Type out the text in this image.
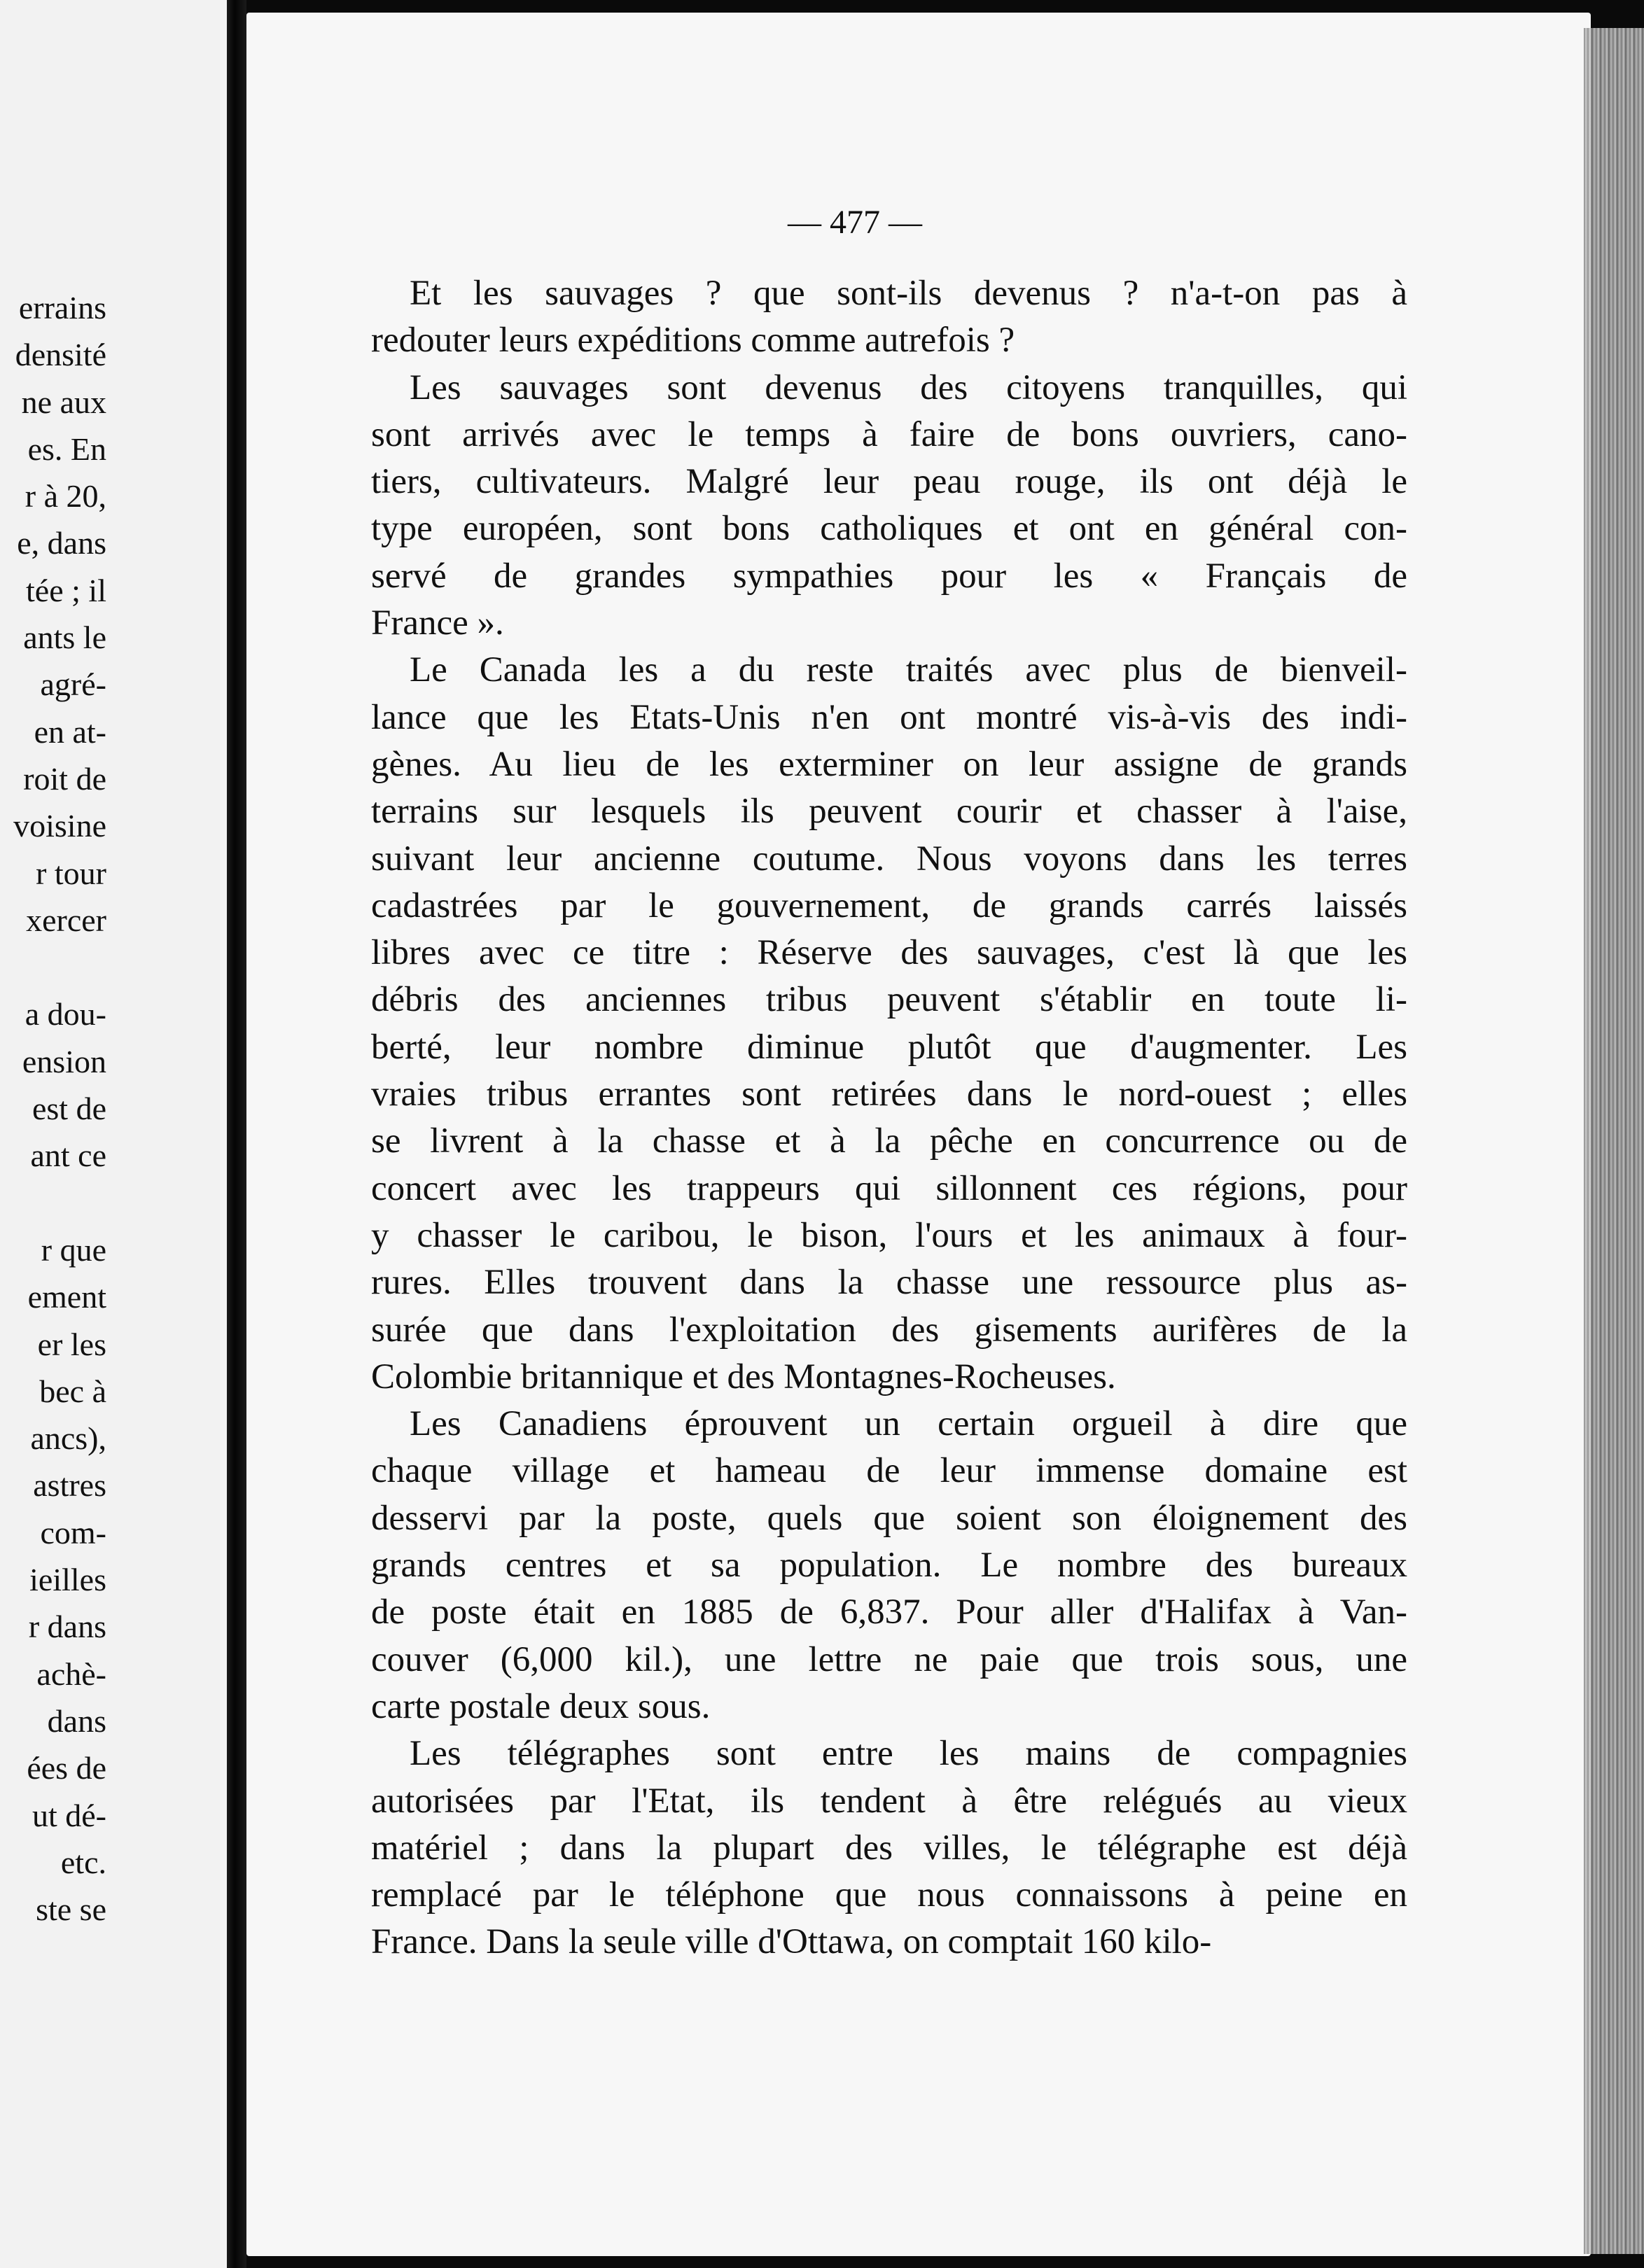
errains
densité
ne aux
es. En
r à 20,
e, dans
tée ; il
ants le
agré-
en at-
roit de
voisine
r tour
xercer
a dou-
ension
est de
ant ce
r que
ement
er les
bec à
ancs),
astres
com-
ieilles
r dans
achè-
dans
ées de
ut dé-
etc.
ste se
— 477 —
Et les sauvages ? que sont-ils devenus ? n'a-t-on pas à
redouter leurs expéditions comme autrefois ?
Les sauvages sont devenus des citoyens tranquilles, qui
sont arrivés avec le temps à faire de bons ouvriers, cano-
tiers, cultivateurs. Malgré leur peau rouge, ils ont déjà le
type européen, sont bons catholiques et ont en général con-
servé de grandes sympathies pour les « Français de
France ».
Le Canada les a du reste traités avec plus de bienveil-
lance que les Etats-Unis n'en ont montré vis-à-vis des indi-
gènes. Au lieu de les exterminer on leur assigne de grands
terrains sur lesquels ils peuvent courir et chasser à l'aise,
suivant leur ancienne coutume. Nous voyons dans les terres
cadastrées par le gouvernement, de grands carrés laissés
libres avec ce titre : Réserve des sauvages, c'est là que les
débris des anciennes tribus peuvent s'établir en toute li-
berté, leur nombre diminue plutôt que d'augmenter. Les
vraies tribus errantes sont retirées dans le nord-ouest ; elles
se livrent à la chasse et à la pêche en concurrence ou de
concert avec les trappeurs qui sillonnent ces régions, pour
y chasser le caribou, le bison, l'ours et les animaux à four-
rures. Elles trouvent dans la chasse une ressource plus as-
surée que dans l'exploitation des gisements aurifères de la
Colombie britannique et des Montagnes-Rocheuses.
Les Canadiens éprouvent un certain orgueil à dire que
chaque village et hameau de leur immense domaine est
desservi par la poste, quels que soient son éloignement des
grands centres et sa population. Le nombre des bureaux
de poste était en 1885 de 6,837. Pour aller d'Halifax à Van-
couver (6,000 kil.), une lettre ne paie que trois sous, une
carte postale deux sous.
Les télégraphes sont entre les mains de compagnies
autorisées par l'Etat, ils tendent à être relégués au vieux
matériel ; dans la plupart des villes, le télégraphe est déjà
remplacé par le téléphone que nous connaissons à peine en
France. Dans la seule ville d'Ottawa, on comptait 160 kilo-
